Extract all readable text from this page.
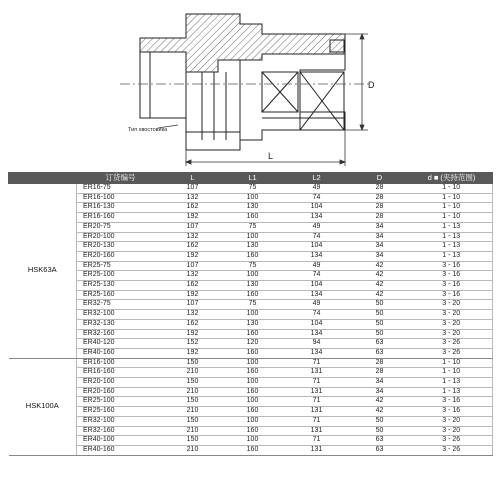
D
L
Тип хвостовика
	订货编号	L	L1	L2	D	d ■ (夹持范围)
HSK63A	ER16-75	107	75	49	28	1 - 10
	ER16-100	132	100	74	28	1 - 10
	ER16-130	162	130	104	28	1 - 10
	ER16-160	192	160	134	28	1 - 10
	ER20-75	107	75	49	34	1 - 13
	ER20-100	132	100	74	34	1 - 13
	ER20-130	162	130	104	34	1 - 13
	ER20-160	192	160	134	34	1 - 13
	ER25-75	107	75	49	42	3 - 16
	ER25-100	132	100	74	42	3 - 16
	ER25-130	162	130	104	42	3 - 16
	ER25-160	192	160	134	42	3 - 16
	ER32-75	107	75	49	50	3 - 20
	ER32-100	132	100	74	50	3 - 20
	ER32-130	162	130	104	50	3 - 20
	ER32-160	192	160	134	50	3 - 20
	ER40-120	152	120	94	63	3 - 26
	ER40-160	192	160	134	63	3 - 26
HSK100A	ER16-100	150	100	71	28	1 - 10
	ER16-160	210	160	131	28	1 - 10
	ER20-100	150	100	71	34	1 - 13
	ER20-160	210	160	131	34	1 - 13
	ER25-100	150	100	71	42	3 - 16
	ER25-160	210	160	131	42	3 - 16
	ER32-100	150	100	71	50	3 - 20
	ER32-160	210	160	131	50	3 - 20
	ER40-100	150	100	71	63	3 - 26
	ER40-160	210	160	131	63	3 - 26
